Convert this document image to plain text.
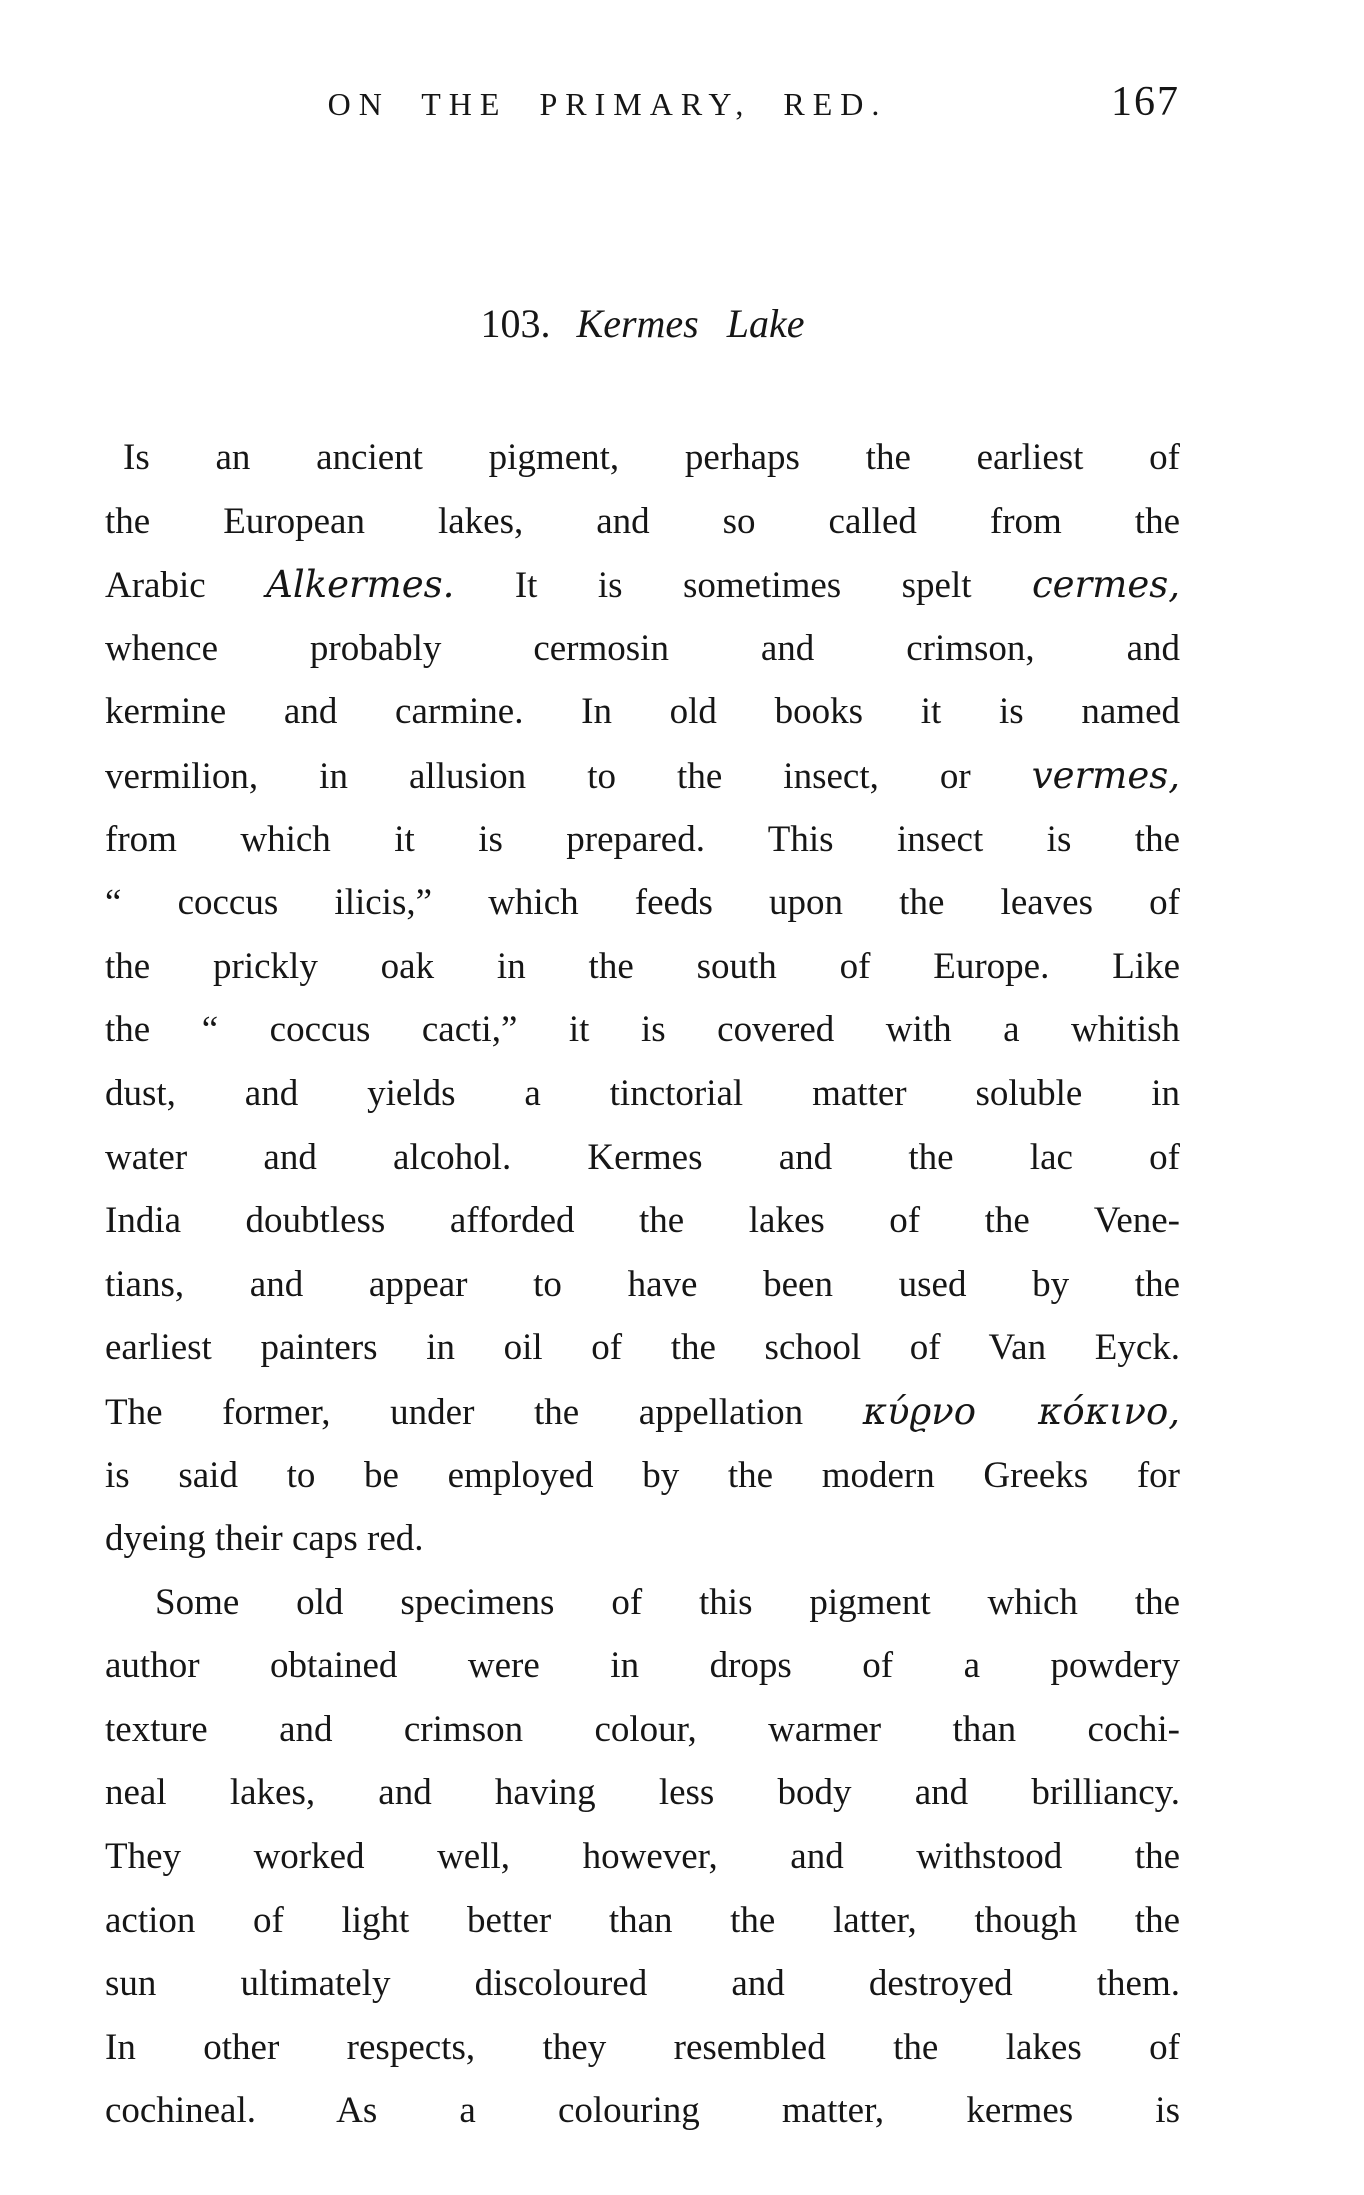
ON THE PRIMARY, RED.	167
103. Kermes Lake
Is an ancient pigment, perhaps the earliest of
the European lakes, and so called from the
Arabic Alkermes. It is sometimes spelt cermes,
whence probably cermosin and crimson, and
kermine and carmine. In old books it is named
vermilion, in allusion to the insect, or vermes,
from which it is prepared. This insect is the
“ coccus ilicis,” which feeds upon the leaves of
the prickly oak in the south of Europe. Like
the “ coccus cacti,” it is covered with a whitish
dust, and yields a tinctorial matter soluble in
water and alcohol. Kermes and the lac of
India doubtless afforded the lakes of the Vene-
tians, and appear to have been used by the
earliest painters in oil of the school of Van Eyck.
The former, under the appellation κύϱνο κόκινο,
is said to be employed by the modern Greeks for
dyeing their caps red.
Some old specimens of this pigment which the
author obtained were in drops of a powdery
texture and crimson colour, warmer than cochi-
neal lakes, and having less body and brilliancy.
They worked well, however, and withstood the
action of light better than the latter, though the
sun ultimately discoloured and destroyed them.
In other respects, they resembled the lakes of
cochineal. As a colouring matter, kermes is
